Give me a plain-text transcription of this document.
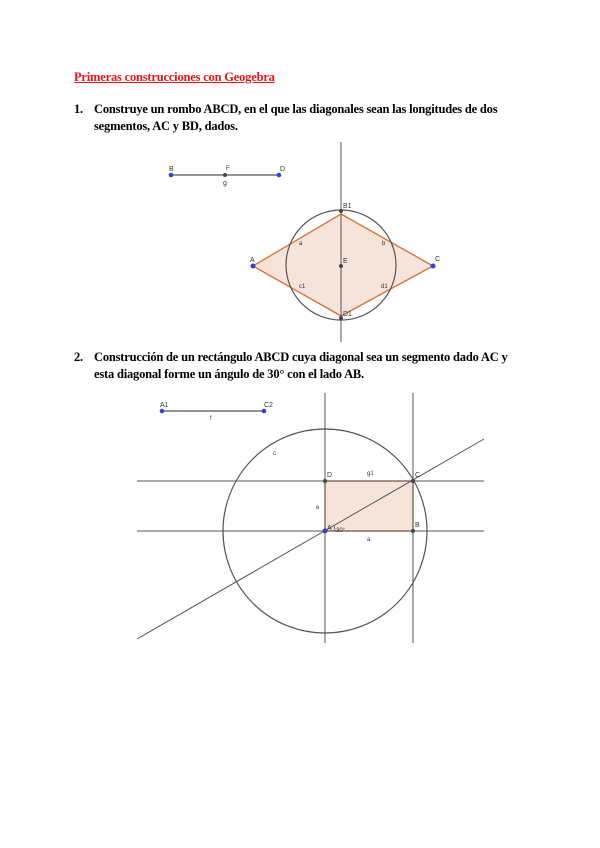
Primeras construcciones con Geogebra
1. Construye un rombo ABCD, en el que las diagonales sean las longitudes de dos
segmentos, AC y BD, dados.
B	F	D
g
B1
A	C
E
D1
a	b
c1	d1
2. Construcción de un rectángulo ABCD cuya diagonal sea un segmento dado AC y
esta diagonal forme un ángulo de 30° con el lado AB.
A1	C2
f
c
D	C
g1
e
A 30°
B
a
